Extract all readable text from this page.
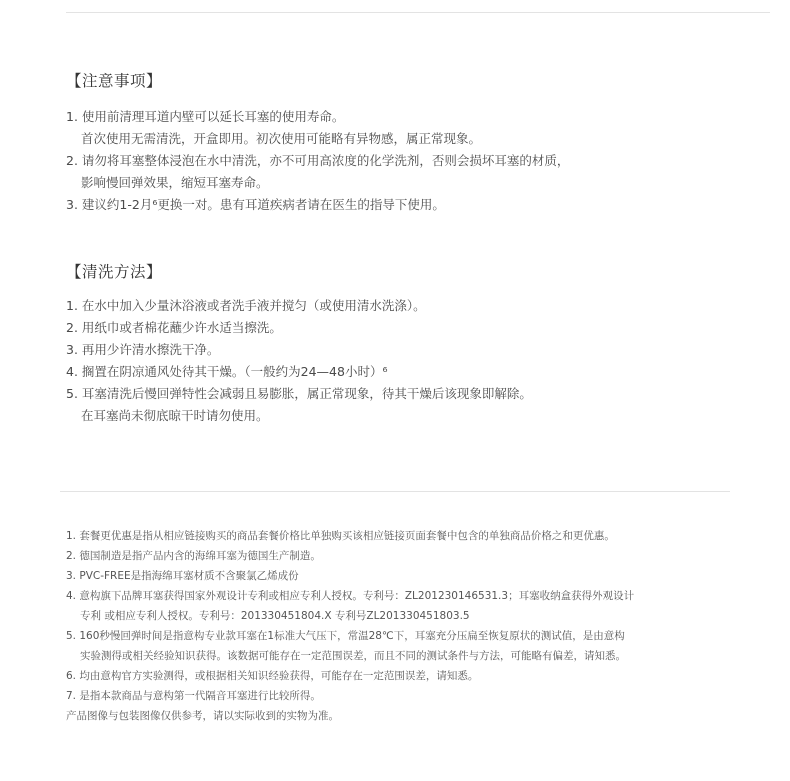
【注意事项】
1. 使用前清理耳道内壁可以延长耳塞的使用寿命。
首次使用无需清洗，开盒即用。初次使用可能略有异物感，属正常现象。
2. 请勿将耳塞整体浸泡在水中清洗，亦不可用高浓度的化学洗剂，否则会损坏耳塞的材质，
影响慢回弹效果，缩短耳塞寿命。
3. 建议约1-2月⁶更换一对。患有耳道疾病者请在医生的指导下使用。
【清洗方法】
1. 在水中加入少量沐浴液或者洗手液并搅匀（或使用清水洗涤）。
2. 用纸巾或者棉花蘸少许水适当擦洗。
3. 再用少许清水擦洗干净。
4. 搁置在阴凉通风处待其干燥。（一般约为24—48小时）⁶
5. 耳塞清洗后慢回弹特性会减弱且易膨胀，属正常现象，待其干燥后该现象即解除。
在耳塞尚未彻底晾干时请勿使用。
1. 套餐更优惠是指从相应链接购买的商品套餐价格比单独购买该相应链接页面套餐中包含的单独商品价格之和更优惠。
2. 德国制造是指产品内含的海绵耳塞为德国生产制造。
3. PVC-FREE是指海绵耳塞材质不含聚氯乙烯成份
4. 意构旗下品牌耳塞获得国家外观设计专利或相应专利人授权。专利号：ZL201230146531.3；耳塞收纳盒获得外观设计
专利 或相应专利人授权。专利号：201330451804.X 专利号ZL201330451803.5
5. 160秒慢回弹时间是指意构专业款耳塞在1标准大气压下，常温28℃下，耳塞充分压扁至恢复原状的测试值，是由意构
实验测得或相关经验知识获得。该数据可能存在一定范围误差，而且不同的测试条件与方法，可能略有偏差，请知悉。
6. 均由意构官方实验测得，或根据相关知识经验获得，可能存在一定范围误差，请知悉。
7. 是指本款商品与意构第一代隔音耳塞进行比较所得。
产品图像与包装图像仅供参考，请以实际收到的实物为准。
